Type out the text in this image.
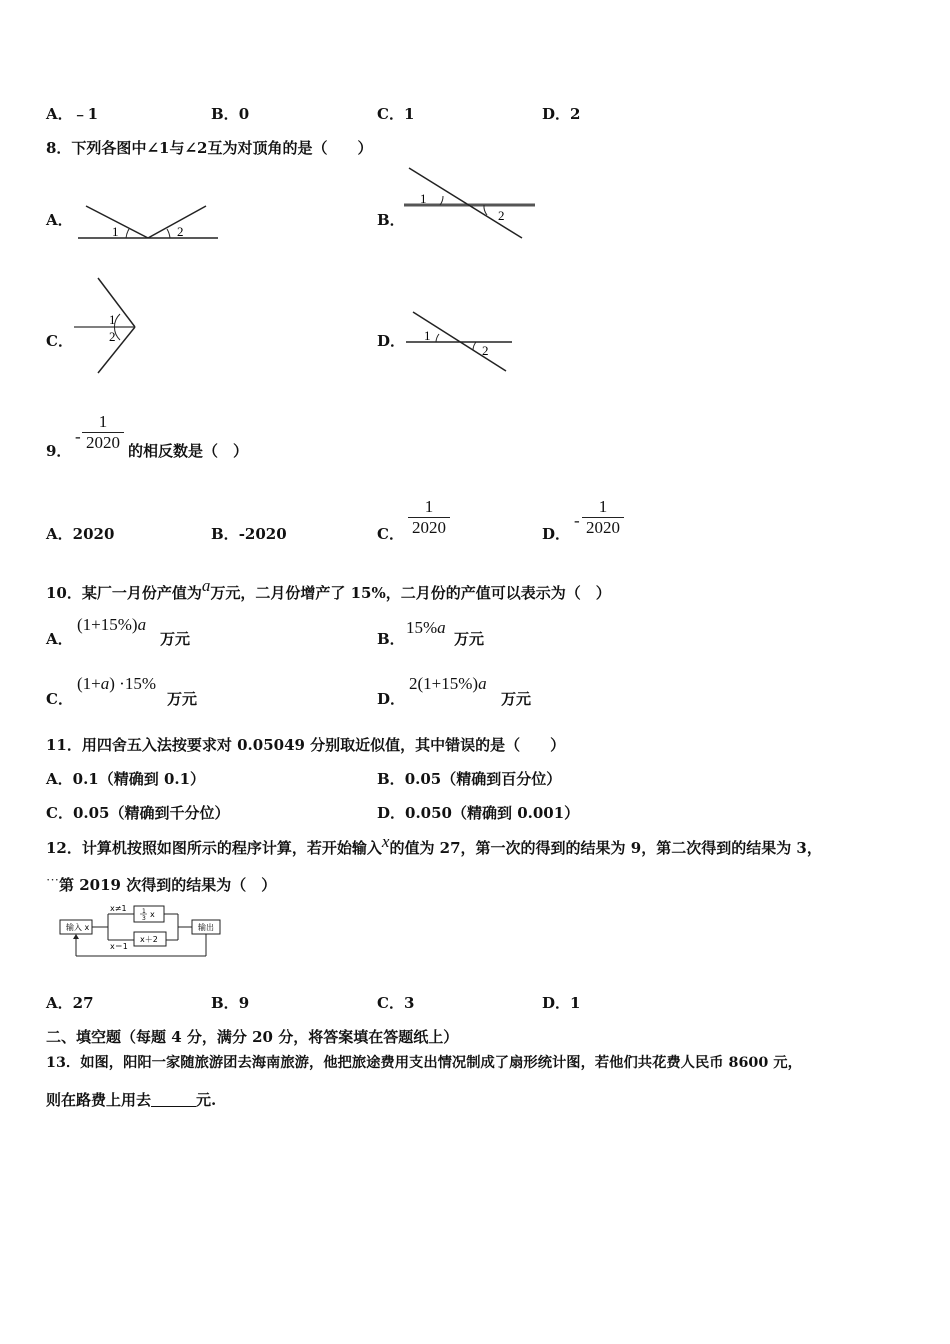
A．﹣1	B．0	C．1	D．2
8．下列各图中∠1与∠2互为对顶角的是（　　）
A．
1	2
B．
1
2
C．
1
2	D． 1
2
9．
-
1
2020 的相反数是（　）
A．2020	B．-2020	C．
1
2020	D．
-
1
2020
10．某厂一月份产值为a万元，二月份增产了 15%，二月份的产值可以表示为（　）
A．
(1+15%)a
万元	B．
15%a
万元
C．
(1+a) ·15%
万元	D．
2(1+15%)a
万元
11．用四舍五入法按要求对 0.05049 分别取近似值，其中错误的是（　　）
A．0.1（精确到 0.1）	B．0.05（精确到百分位）
C．0.05（精确到千分位）	D．0.050（精确到 0.001）
12．计算机按照如图所示的程序计算，若开始输入x的值为 27，第一次的得到的结果为 9，第二次得到的结果为 3，
···第 2019 次得到的结果为（　）
输入 x
x≠1
x＝1
1
3 x
x＋2
输出
A．27	B．9	C．3	D．1
二、填空题（每题 4 分，满分 20 分，将答案填在答题纸上）
13．如图，阳阳一家随旅游团去海南旅游，他把旅途费用支出情况制成了扇形统计图，若他们共花费人民币 8600 元，
则在路费上用去　　　	元.
